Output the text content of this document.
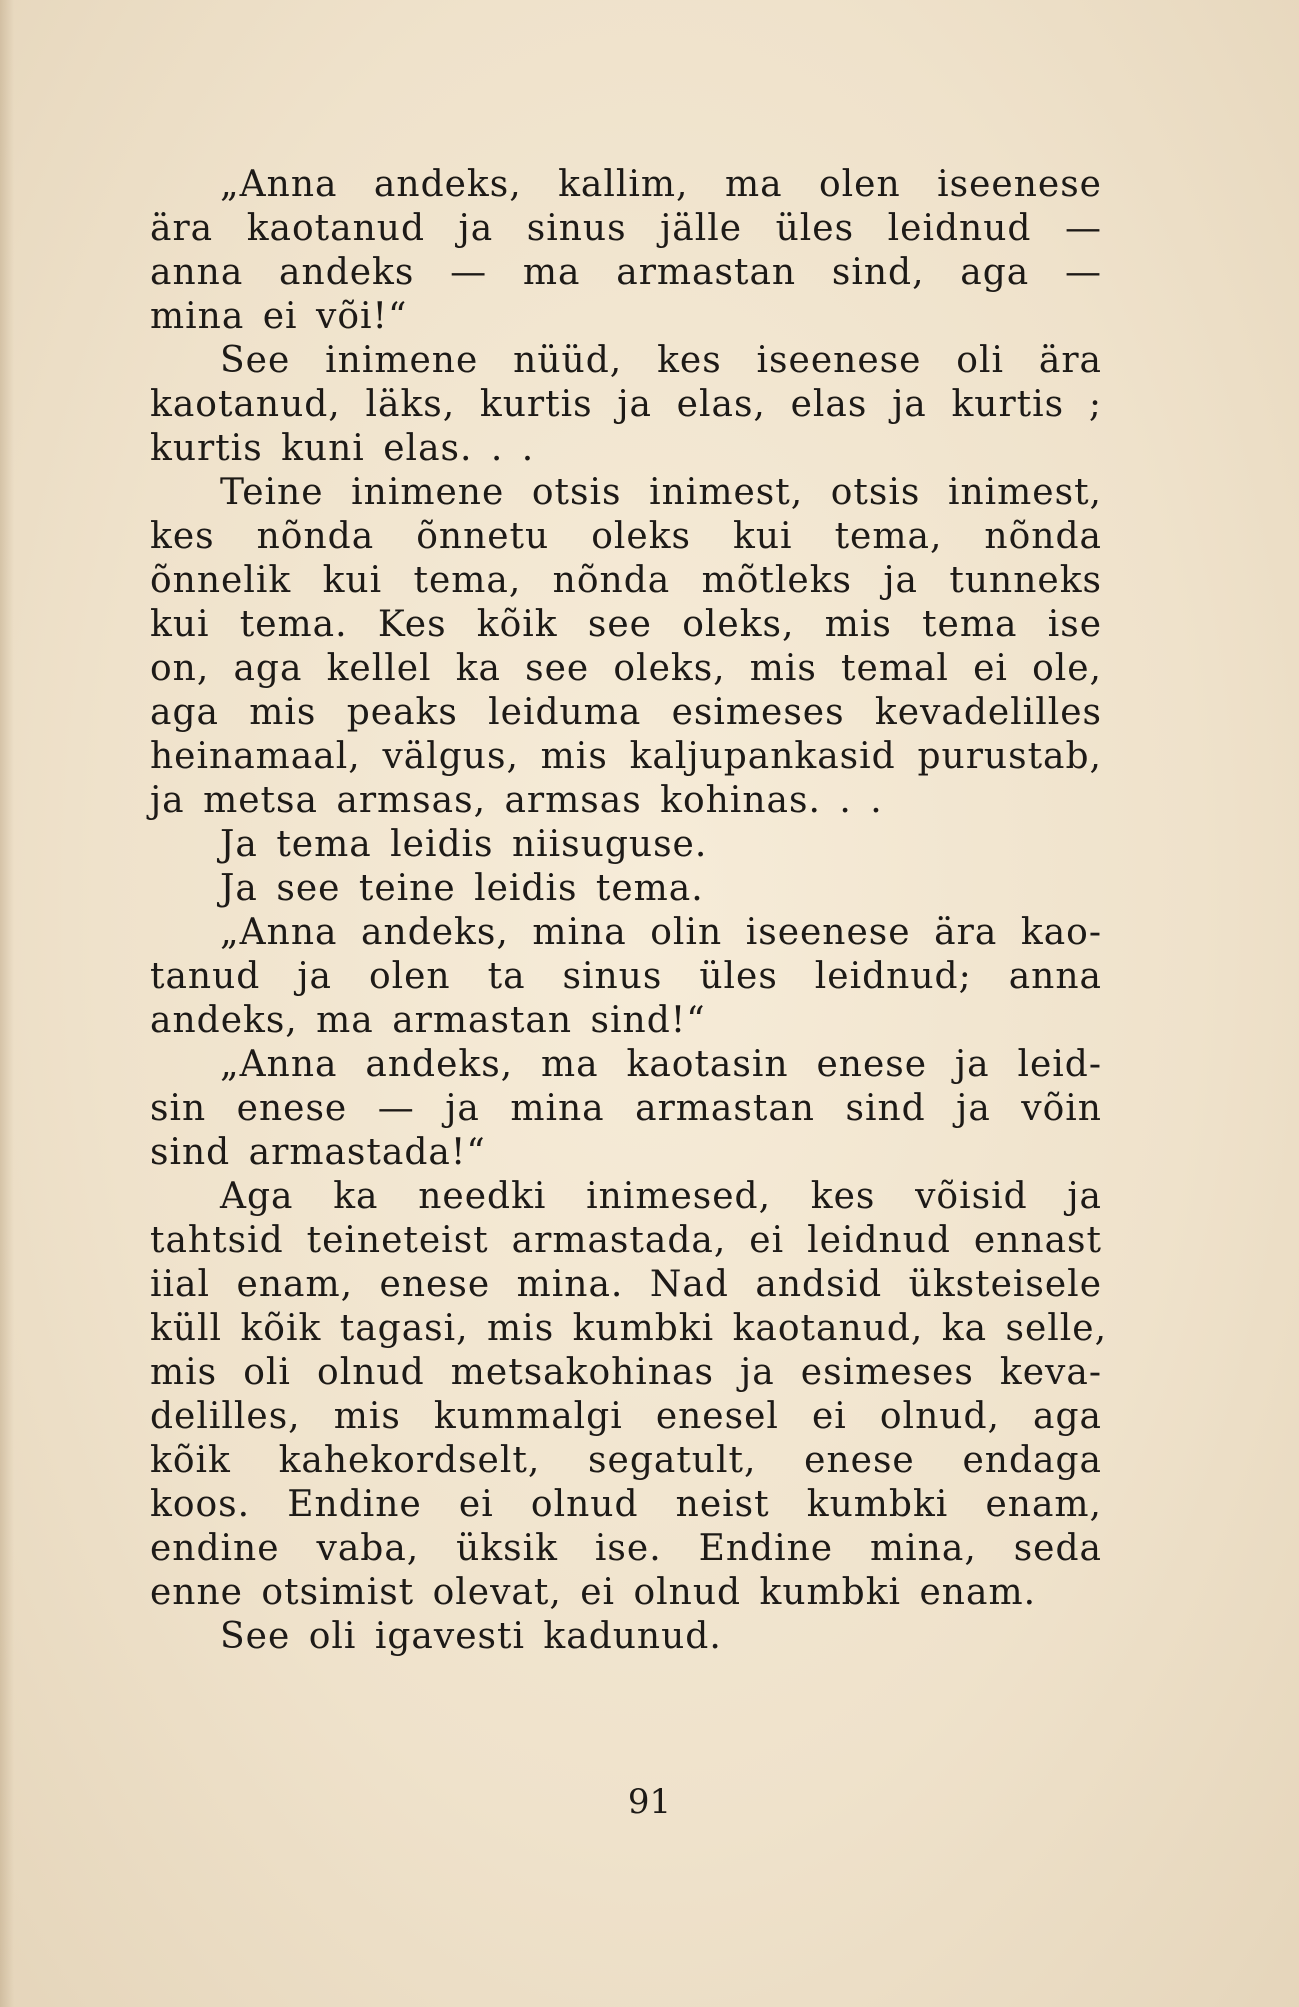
„Anna andeks, kallim, ma olen iseenese
ära kaotanud ja sinus jälle üles leidnud —
anna andeks — ma armastan sind, aga —
mina ei või!“
See inimene nüüd, kes iseenese oli ära
kaotanud, läks, kurtis ja elas, elas ja kurtis ;
kurtis kuni elas. . .
Teine inimene otsis inimest, otsis inimest,
kes nõnda õnnetu oleks kui tema, nõnda
õnnelik kui tema, nõnda mõtleks ja tunneks
kui tema. Kes kõik see oleks, mis tema ise
on, aga kellel ka see oleks, mis temal ei ole,
aga mis peaks leiduma esimeses kevadelilles
heinamaal, välgus, mis kaljupankasid purustab,
ja metsa armsas, armsas kohinas. . .
Ja tema leidis niisuguse.
Ja see teine leidis tema.
„Anna andeks, mina olin iseenese ära kao-
tanud ja olen ta sinus üles leidnud; anna
andeks, ma armastan sind!“
„Anna andeks, ma kaotasin enese ja leid-
sin enese — ja mina armastan sind ja võin
sind armastada!“
Aga ka needki inimesed, kes võisid ja
tahtsid teineteist armastada, ei leidnud ennast
iial enam, enese mina. Nad andsid üksteisele
küll kõik tagasi, mis kumbki kaotanud, ka selle,
mis oli olnud metsakohinas ja esimeses keva-
delilles, mis kummalgi enesel ei olnud, aga
kõik kahekordselt, segatult, enese endaga
koos. Endine ei olnud neist kumbki enam,
endine vaba, üksik ise. Endine mina, seda
enne otsimist olevat, ei olnud kumbki enam.
See oli igavesti kadunud.
91
